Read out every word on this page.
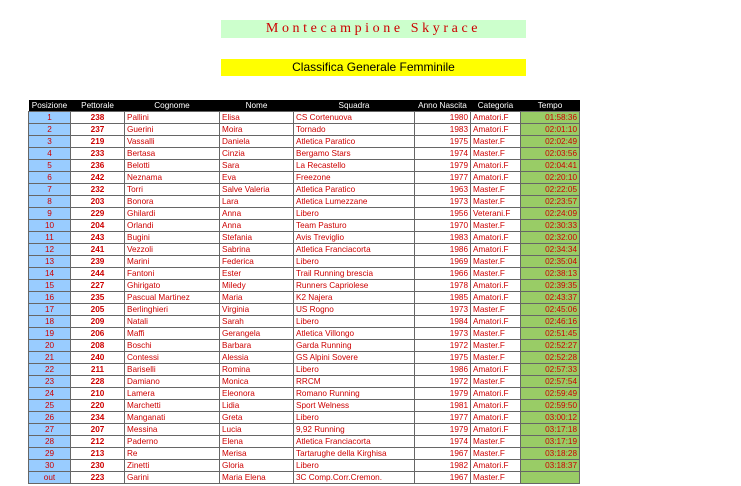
Montecampione Skyrace
Classifica Generale Femminile
Posizione	Pettorale	Cognome	Nome	Squadra	Anno Nascita	Categoria	Tempo
1	238	Pallini	Elisa	CS Cortenuova	1980	Amatori.F	01:58:36
2	237	Guerini	Moira	Tornado	1983	Amatori.F	02:01:10
3	219	Vassalli	Daniela	Atletica Paratico	1975	Master.F	02:02:49
4	233	Bertasa	Cinzia	Bergamo Stars	1974	Master.F	02:03:56
5	236	Belotti	Sara	La Recastello	1979	Amatori.F	02:04:41
6	242	Neznama	Eva	Freezone	1977	Amatori.F	02:20:10
7	232	Torri	Salve Valeria	Atletica Paratico	1963	Master.F	02:22:05
8	203	Bonora	Lara	Atletica Lumezzane	1973	Master.F	02:23:57
9	229	Ghilardi	Anna	Libero	1956	Veterani.F	02:24:09
10	204	Orlandi	Anna	Team Pasturo	1970	Master.F	02:30:33
11	243	Bugini	Stefania	Avis Treviglio	1983	Amatori.F	02:32:00
12	241	Vezzoli	Sabrina	Atletica Franciacorta	1986	Amatori.F	02:34:34
13	239	Marini	Federica	Libero	1969	Master.F	02:35:04
14	244	Fantoni	Ester	Trail Running brescia	1966	Master.F	02:38:13
15	227	Ghirigato	Miledy	Runners Capriolese	1978	Amatori.F	02:39:35
16	235	Pascual Martinez	Maria	K2 Najera	1985	Amatori.F	02:43:37
17	205	Berlinghieri	Virginia	US Rogno	1973	Master.F	02:45:06
18	209	Natali	Sarah	Libero	1984	Amatori.F	02:46:16
19	206	Maffi	Gerangela	Atletica Villongo	1973	Master.F	02:51:45
20	208	Boschi	Barbara	Garda Running	1972	Master.F	02:52:27
21	240	Contessi	Alessia	GS Alpini Sovere	1975	Master.F	02:52:28
22	211	Bariselli	Romina	Libero	1986	Amatori.F	02:57:33
23	228	Damiano	Monica	RRCM	1972	Master.F	02:57:54
24	210	Lamera	Eleonora	Romano Running	1979	Amatori.F	02:59:49
25	220	Marchetti	Lidia	Sport Welness	1981	Amatori.F	02:59:50
26	234	Manganati	Greta	Libero	1977	Amatori.F	03:00:12
27	207	Messina	Lucia	9,92 Running	1979	Amatori.F	03:17:18
28	212	Paderno	Elena	Atletica Franciacorta	1974	Master.F	03:17:19
29	213	Re	Merisa	Tartarughe della Kirghisa	1967	Master.F	03:18:28
30	230	Zinetti	Gloria	Libero	1982	Amatori.F	03:18:37
out	223	Garini	Maria Elena	3C Comp.Corr.Cremon.	1967	Master.F	
